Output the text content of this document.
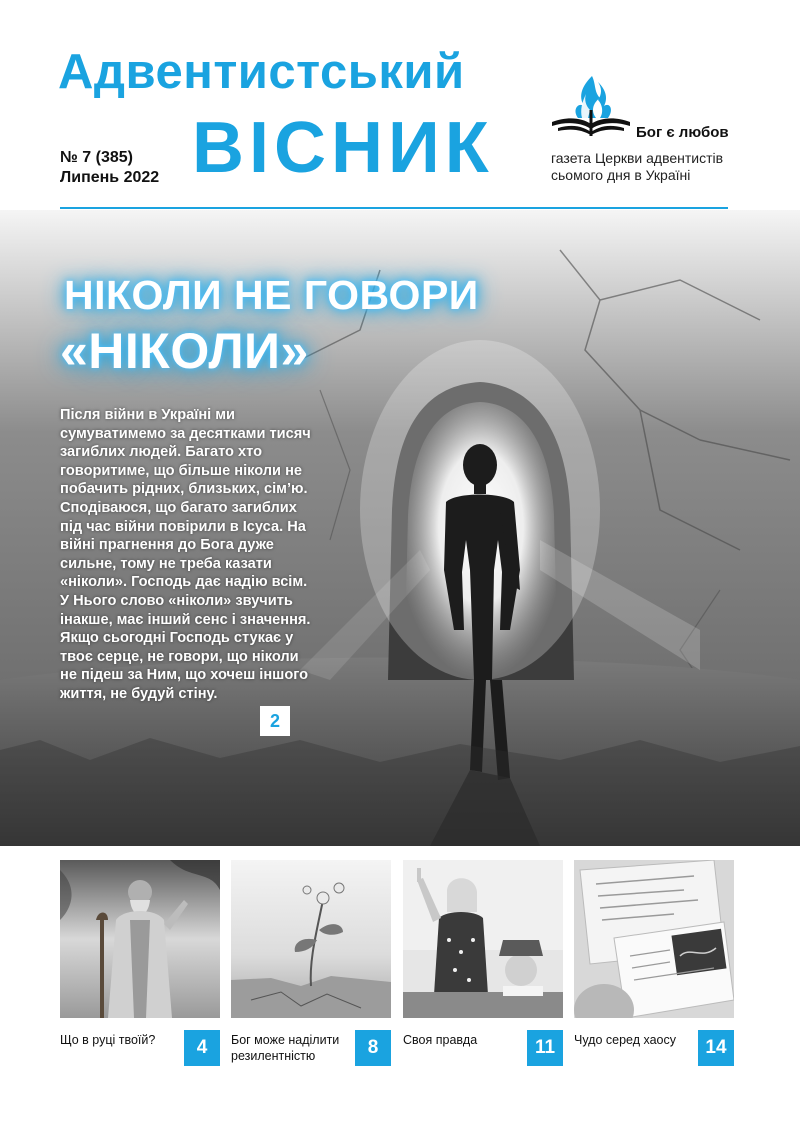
Адвентистський
ВІСНИК
№ 7 (385)
Липень 2022
Бог є любов
газета Церкви адвентистів
сьомого дня в Україні
НІКОЛИ НЕ ГОВОРИ
«НІКОЛИ»

Після війни в Україні ми сумуватимемо за десятками тисяч загиблих людей. Багато хто говоритиме, що більше ніколи не побачить рідних, близьких, сім’ю. Сподіваюся, що багато загиблих під час війни повірили в Ісуса. На війні прагнення до Бога дуже сильне, тому не треба казати «ніколи». Господь дає надію всім. У Нього слово «ніколи» звучить інакше, має інший сенс і значення. Якщо сьогодні Господь стукає у твоє серце, не говори, що ніколи не підеш за Ним, що хочеш іншого життя, не будуй стіну.

2
Що в руці твоїй?	4	Бог може наділити резилентністю	8	Своя правда	11	Чудо серед хаосу	14
